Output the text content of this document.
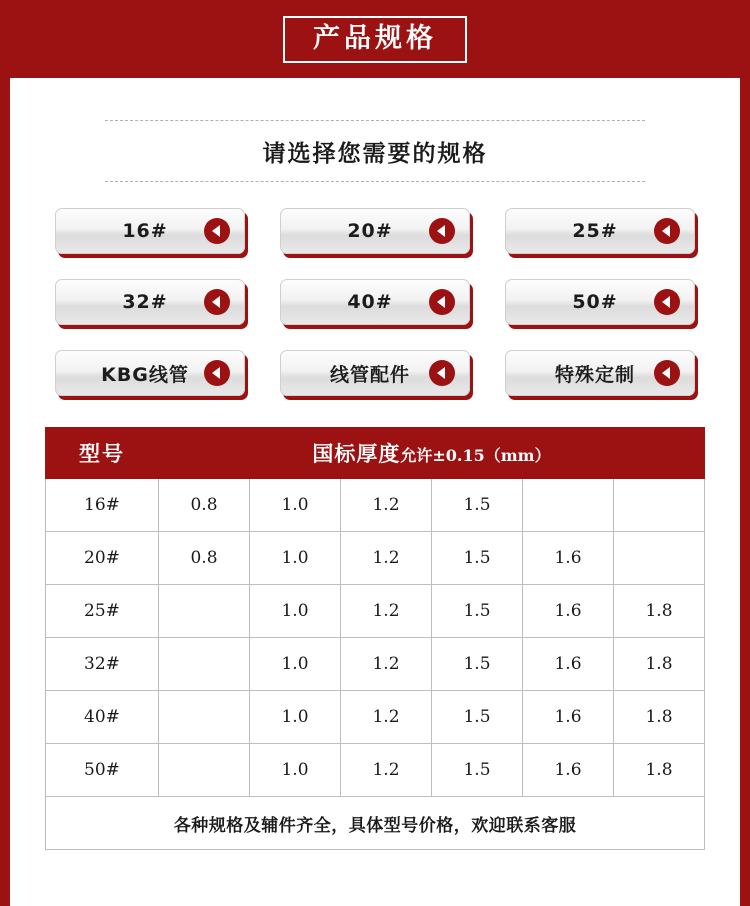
产品规格
请选择您需要的规格
16#	20#	25#
32#	40#	50#
KBG线管	线管配件	特殊定制
型号	国标厚度允许±0.15（mm）					
16#	0.8	1.0	1.2	1.5		
20#	0.8	1.0	1.2	1.5	1.6	
25#		1.0	1.2	1.5	1.6	1.8
32#		1.0	1.2	1.5	1.6	1.8
40#		1.0	1.2	1.5	1.6	1.8
50#		1.0	1.2	1.5	1.6	1.8
各种规格及辅件齐全，具体型号价格，欢迎联系客服						
